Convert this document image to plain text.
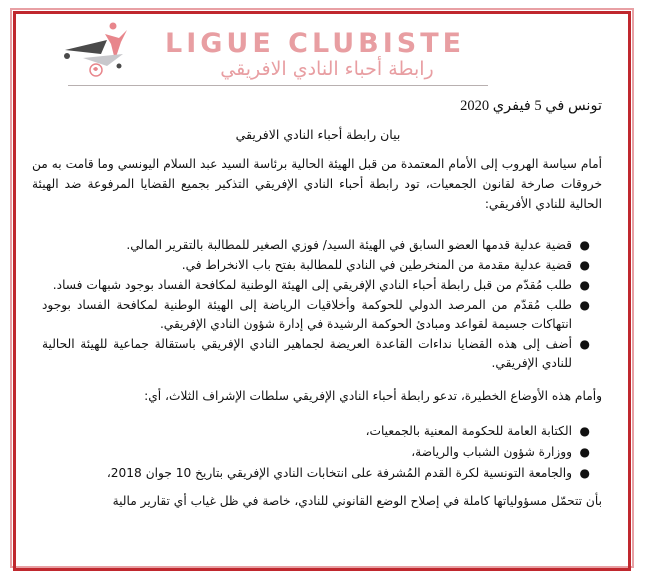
LIGUE CLUBISTE
رابطة أحباء النادي الافريقي
تونس في 5 فيفري 2020
بيان رابطة أحباء النادي الافريقي
أمام سياسة الهروب إلى الأمام المعتمدة من قبل الهيئة الحالية برئاسة السيد عبد السلام اليونسي وما قامت به من خروقات صارخة لقانون الجمعيات، تود رابطة أحباء النادي الإفريقي التذكير بجميع القضايا المرفوعة ضد الهيئة الحالية للنادي الأفريقي:
●
قضية عدلية قدمها العضو السابق في الهيئة السيد/ فوزي الصغير للمطالبة بالتقرير المالي.
●
قضية عدلية مقدمة من المنخرطين في النادي للمطالبة بفتح باب الانخراط في.
●
طلب مُقدّم من قبل رابطة أحباء النادي الإفريقي إلى الهيئة الوطنية لمكافحة الفساد بوجود شبهات فساد.
●
طلب مُقدّم من المرصد الدولي للحوكمة وأخلاقيات الرياضة إلى الهيئة الوطنية لمكافحة الفساد بوجود انتهاكات جسيمة لقواعد ومبادئ الحوكمة الرشيدة في إدارة شؤون النادي الإفريقي.
●
أضف إلى هذه القضايا نداءات القاعدة العريضة لجماهير النادي الإفريقي باستقالة جماعية للهيئة الحالية للنادي الإفريقي.
وأمام هذه الأوضاع الخطيرة، تدعو رابطة أحباء النادي الإفريقي سلطات الإشراف الثلاث، أي:
●
الكتابة العامة للحكومة المعنية بالجمعيات،
●
ووزارة شؤون الشباب والرياضة،
●
والجامعة التونسية لكرة القدم المُشرفة على انتخابات النادي الإفريقي بتاريخ 10 جوان 2018،
بأن تتحمّل مسؤولياتها كاملة في إصلاح الوضع القانوني للنادي، خاصة في ظل غياب أي تقارير مالية
